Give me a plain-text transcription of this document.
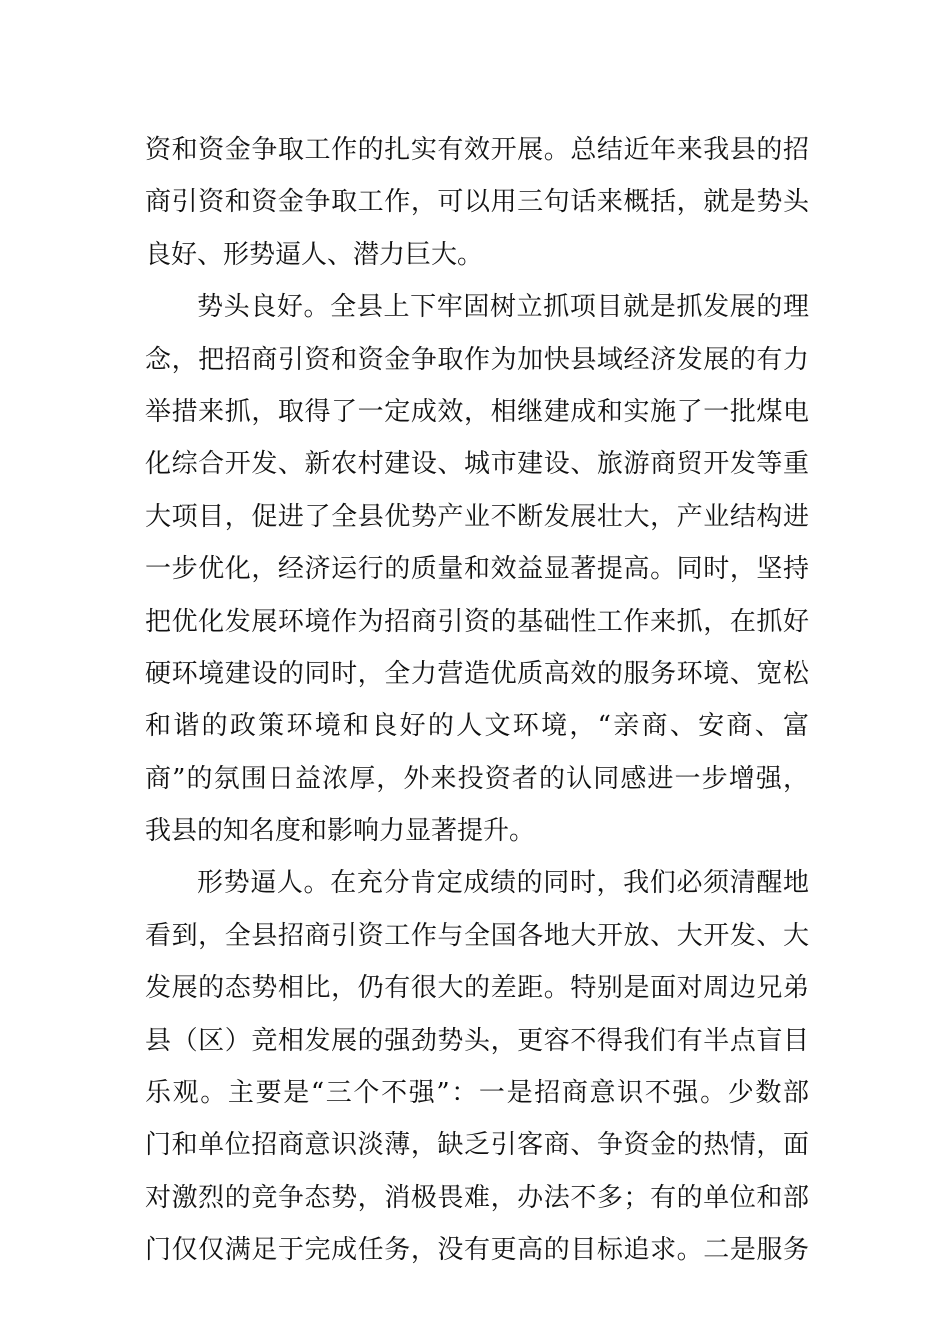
资和资金争取工作的扎实有效开展。总结近年来我县的招
商引资和资金争取工作，可以用三句话来概括，就是势头
良好、形势逼人、潜力巨大。
势头良好。全县上下牢固树立抓项目就是抓发展的理
念，把招商引资和资金争取作为加快县域经济发展的有力
举措来抓，取得了一定成效，相继建成和实施了一批煤电
化综合开发、新农村建设、城市建设、旅游商贸开发等重
大项目，促进了全县优势产业不断发展壮大，产业结构进
一步优化，经济运行的质量和效益显著提高。同时，坚持
把优化发展环境作为招商引资的基础性工作来抓，在抓好
硬环境建设的同时，全力营造优质高效的服务环境、宽松
和谐的政策环境和良好的人文环境，“亲商、安商、富
商”的氛围日益浓厚，外来投资者的认同感进一步增强，
我县的知名度和影响力显著提升。
形势逼人。在充分肯定成绩的同时，我们必须清醒地
看到，全县招商引资工作与全国各地大开放、大开发、大
发展的态势相比，仍有很大的差距。特别是面对周边兄弟
县（区）竞相发展的强劲势头，更容不得我们有半点盲目
乐观。主要是“三个不强”：一是招商意识不强。少数部
门和单位招商意识淡薄，缺乏引客商、争资金的热情，面
对激烈的竞争态势，消极畏难，办法不多；有的单位和部
门仅仅满足于完成任务，没有更高的目标追求。二是服务
